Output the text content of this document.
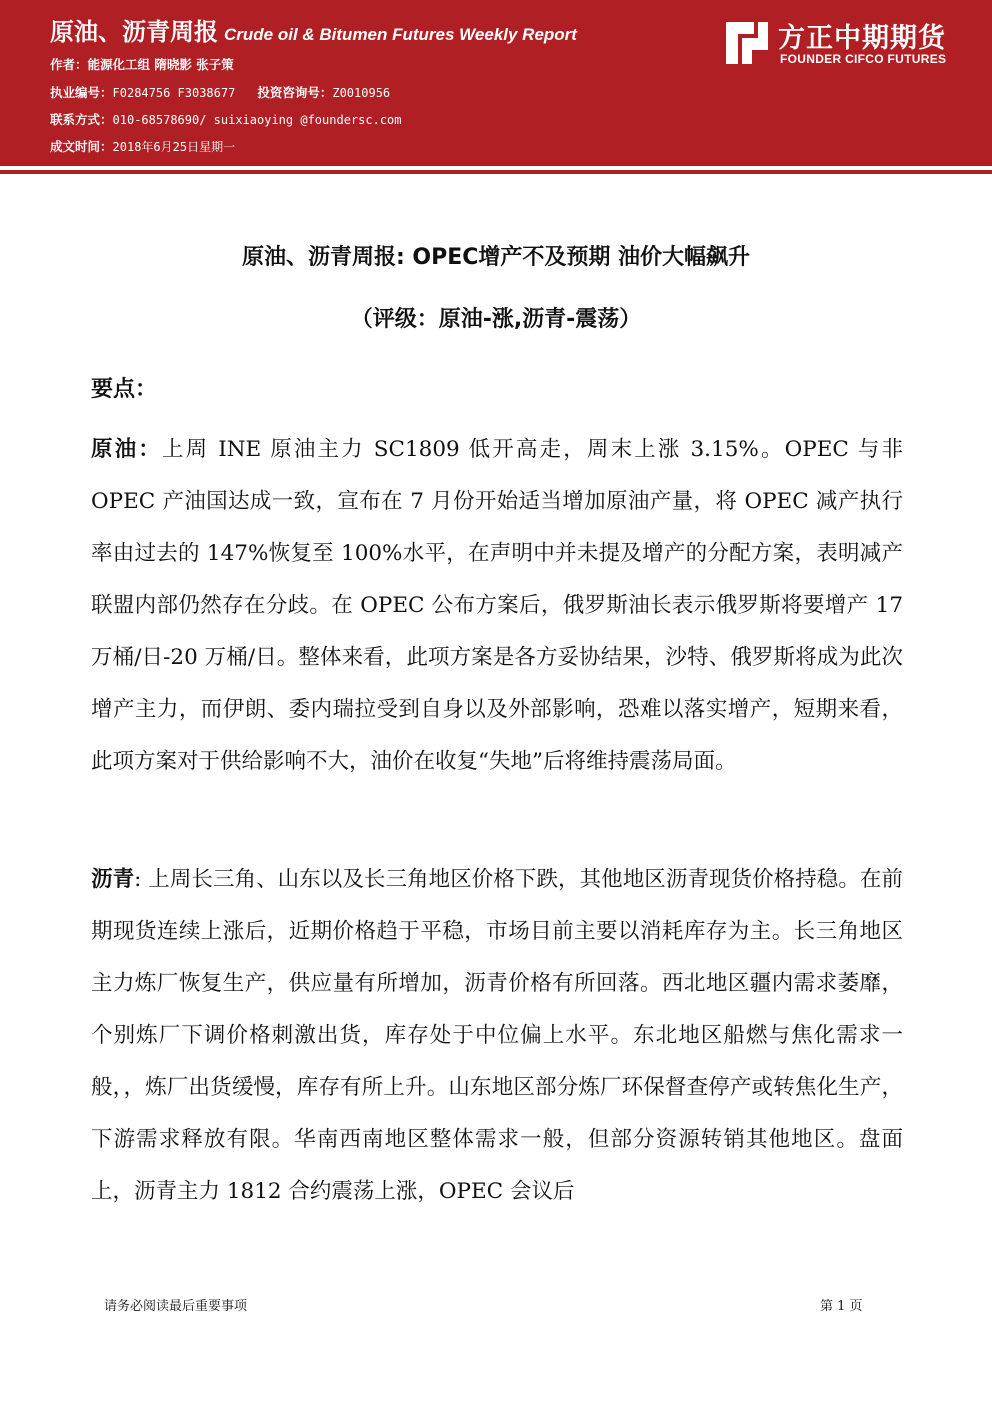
原油、沥青周报 Crude oil & Bitumen Futures Weekly Report
作者：能源化工组 隋晓影 张子策
执业编号：F0284756 F3038677 投资咨询号：Z0010956
联系方式：010-68578690/ suixiaoying @foundersc.com
成文时间：2018年6月25日星期一
方正中期期货
FOUNDER CIFCO FUTURES
原油、沥青周报: OPEC增产不及预期 油价大幅飙升
（评级：原油-涨,沥青-震荡）
要点：

原油：上周 INE 原油主力 SC1809 低开高走，周末上涨 3.15%。OPEC 与非 OPEC 产油国达成一致，宣布在 7 月份开始适当增加原油产量，将 OPEC 减产执行率由过去的 147%恢复至 100%水平，在声明中并未提及增产的分配方案，表明减产联盟内部仍然存在分歧。在 OPEC 公布方案后，俄罗斯油长表示俄罗斯将要增产 17 万桶/日-20 万桶/日。整体来看，此项方案是各方妥协结果，沙特、俄罗斯将成为此次增产主力，而伊朗、委内瑞拉受到自身以及外部影响，恐难以落实增产，短期来看，此项方案对于供给影响不大，油价在收复“失地”后将维持震荡局面。

沥青: 上周长三角、山东以及长三角地区价格下跌，其他地区沥青现货价格持稳。在前期现货连续上涨后，近期价格趋于平稳，市场目前主要以消耗库存为主。长三角地区主力炼厂恢复生产，供应量有所增加，沥青价格有所回落。西北地区疆内需求萎靡，个别炼厂下调价格刺激出货，库存处于中位偏上水平。东北地区船燃与焦化需求一般，，炼厂出货缓慢，库存有所上升。山东地区部分炼厂环保督查停产或转焦化生产，下游需求释放有限。华南西南地区整体需求一般，但部分资源转销其他地区。盘面上，沥青主力 1812 合约震荡上涨，OPEC 会议后

请务必阅读最后重要事项	第 1 页
